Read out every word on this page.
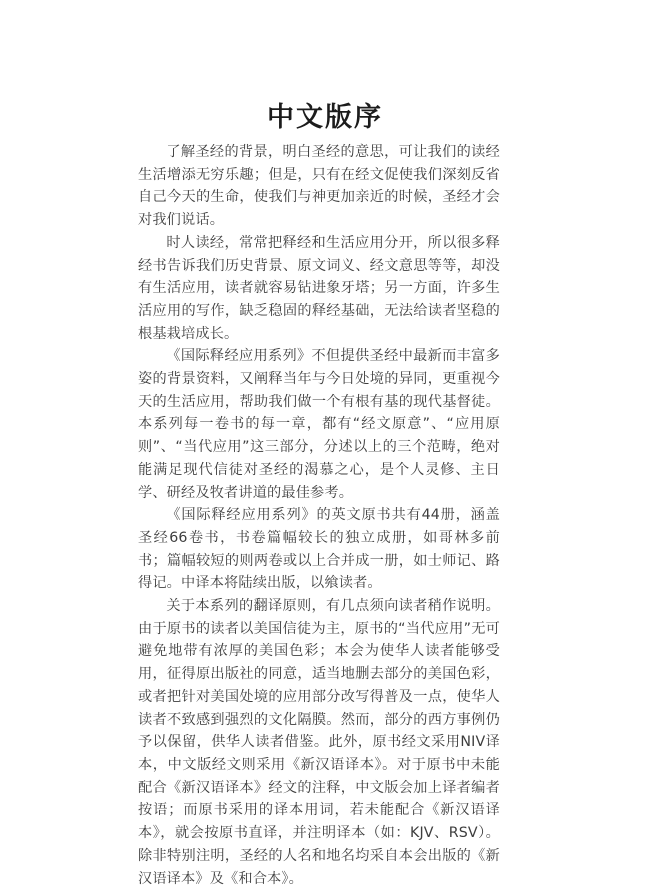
中文版序

了解圣经的背景，明白圣经的意思，可让我们的读经生活增添无穷乐趣；但是，只有在经文促使我们深刻反省自己今天的生命，使我们与神更加亲近的时候，圣经才会对我们说话。

时人读经，常常把释经和生活应用分开，所以很多释经书告诉我们历史背景、原文词义、经文意思等等，却没有生活应用，读者就容易钻进象牙塔；另一方面，许多生活应用的写作，缺乏稳固的释经基础，无法给读者坚稳的根基栽培成长。

《国际释经应用系列》不但提供圣经中最新而丰富多姿的背景资料，又阐释当年与今日处境的异同，更重视今天的生活应用，帮助我们做一个有根有基的现代基督徒。本系列每一卷书的每一章，都有“经文原意”、“应用原则”、“当代应用”这三部分，分述以上的三个范畴，绝对能满足现代信徒对圣经的渴慕之心，是个人灵修、主日学、研经及牧者讲道的最佳参考。

《国际释经应用系列》的英文原书共有44册，涵盖圣经66卷书，书卷篇幅较长的独立成册，如哥林多前书；篇幅较短的则两卷或以上合并成一册，如士师记、路得记。中译本将陆续出版，以飨读者。

关于本系列的翻译原则，有几点须向读者稍作说明。由于原书的读者以美国信徒为主，原书的“当代应用”无可避免地带有浓厚的美国色彩；本会为使华人读者能够受用，征得原出版社的同意，适当地删去部分的美国色彩，或者把针对美国处境的应用部分改写得普及一点，使华人读者不致感到强烈的文化隔膜。然而，部分的西方事例仍予以保留，供华人读者借鉴。此外，原书经文采用NIV译本，中文版经文则采用《新汉语译本》。对于原书中未能配合《新汉语译本》经文的注释，中文版会加上译者编者按语；而原书采用的译本用词，若未能配合《新汉语译本》，就会按原书直译，并注明译本（如：KJV、RSV）。除非特别注明，圣经的人名和地名均采自本会出版的《新汉语译本》及《和合本》。
